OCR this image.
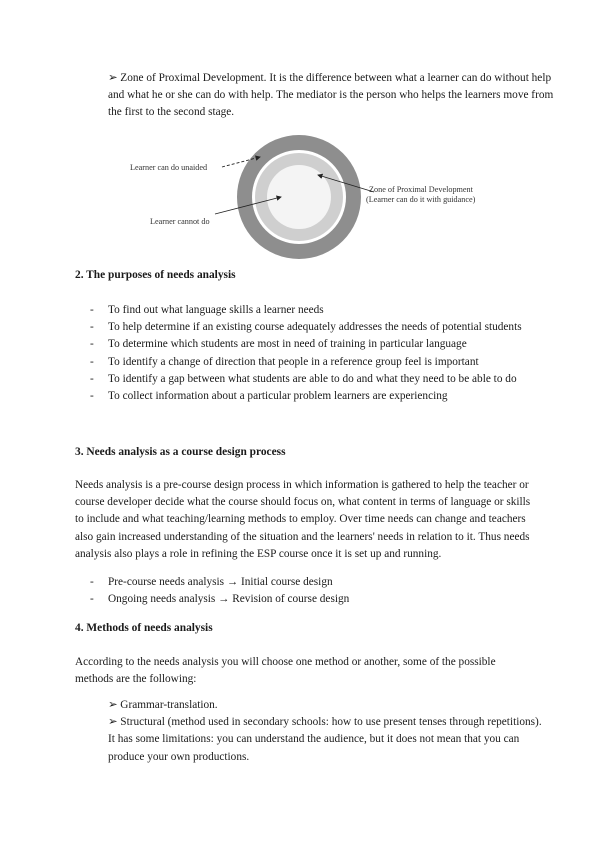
➢ Zone of Proximal Development. It is the difference between what a learner can do without help and what he or she can do with help. The mediator is the person who helps the learners move from the first to the second stage.

Learner can do unaided
Zone of Proximal Development
(Learner can do it with guidance)
Learner cannot do
2. The purposes of needs analysis
- To find out what language skills a learner needs
- To help determine if an existing course adequately addresses the needs of potential students
- To determine which students are most in need of training in particular language
- To identify a change of direction that people in a reference group feel is important
- To identify a gap between what students are able to do and what they need to be able to do
- To collect information about a particular problem learners are experiencing
3. Needs analysis as a course design process

Needs analysis is a pre-course design process in which information is gathered to help the teacher or course developer decide what the course should focus on, what content in terms of language or skills to include and what teaching/learning methods to employ. Over time needs can change and teachers also gain increased understanding of the situation and the learners' needs in relation to it. Thus needs analysis also plays a role in refining the ESP course once it is set up and running.

- Pre-course needs analysis → Initial course design
- Ongoing needs analysis → Revision of course design
4. Methods of needs analysis

According to the needs analysis you will choose one method or another, some of the possible methods are the following:

➢ Grammar-translation.

➢ Structural (method used in secondary schools: how to use present tenses through repetitions). It has some limitations: you can understand the audience, but it does not mean that you can produce your own productions.
